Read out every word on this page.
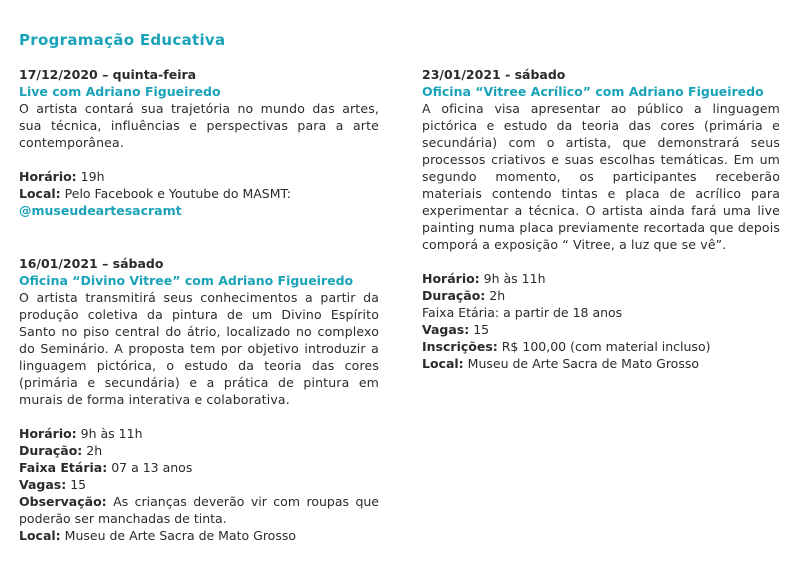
Programação Educativa
17/12/2020 – quinta-feira
Live com Adriano Figueiredo

O artista contará sua trajetória no mundo das artes, sua técnica, influências e perspectivas para a arte contemporânea.

Horário: 19h

Local: Pelo Facebook e Youtube do MASMT:

@museudeartesacramt
16/01/2021 – sábado
Oficina “Divino Vitree” com Adriano Figueiredo

O artista transmitirá seus conhecimentos a partir da produção coletiva da pintura de um Divino Espírito Santo no piso central do átrio, localizado no complexo do Seminário. A proposta tem por objetivo introduzir a linguagem pictórica, o estudo da teoria das cores (primária e secundária) e a prática de pintura em murais de forma interativa e colaborativa.

Horário: 9h às 11h

Duração: 2h

Faixa Etária: 07 a 13 anos

Vagas: 15

Observação: As crianças deverão vir com roupas que poderão ser manchadas de tinta.

Local: Museu de Arte Sacra de Mato Grosso

23/01/2021 - sábado
Oficina “Vitree Acrílico” com Adriano Figueiredo

A oficina visa apresentar ao público a linguagem pictórica e estudo da teoria das cores (primária e secundária) com o artista, que demonstrará seus processos criativos e suas escolhas temáticas. Em um segundo momento, os participantes receberão materiais contendo tintas e placa de acrílico para experimentar a técnica. O artista ainda fará uma live painting numa placa previamente recortada que depois comporá a exposição “ Vitree, a luz que se vê”.

Horário: 9h às 11h

Duração: 2h

Faixa Etária: a partir de 18 anos

Vagas: 15

Inscrições: R$ 100,00 (com material incluso)

Local: Museu de Arte Sacra de Mato Grosso
